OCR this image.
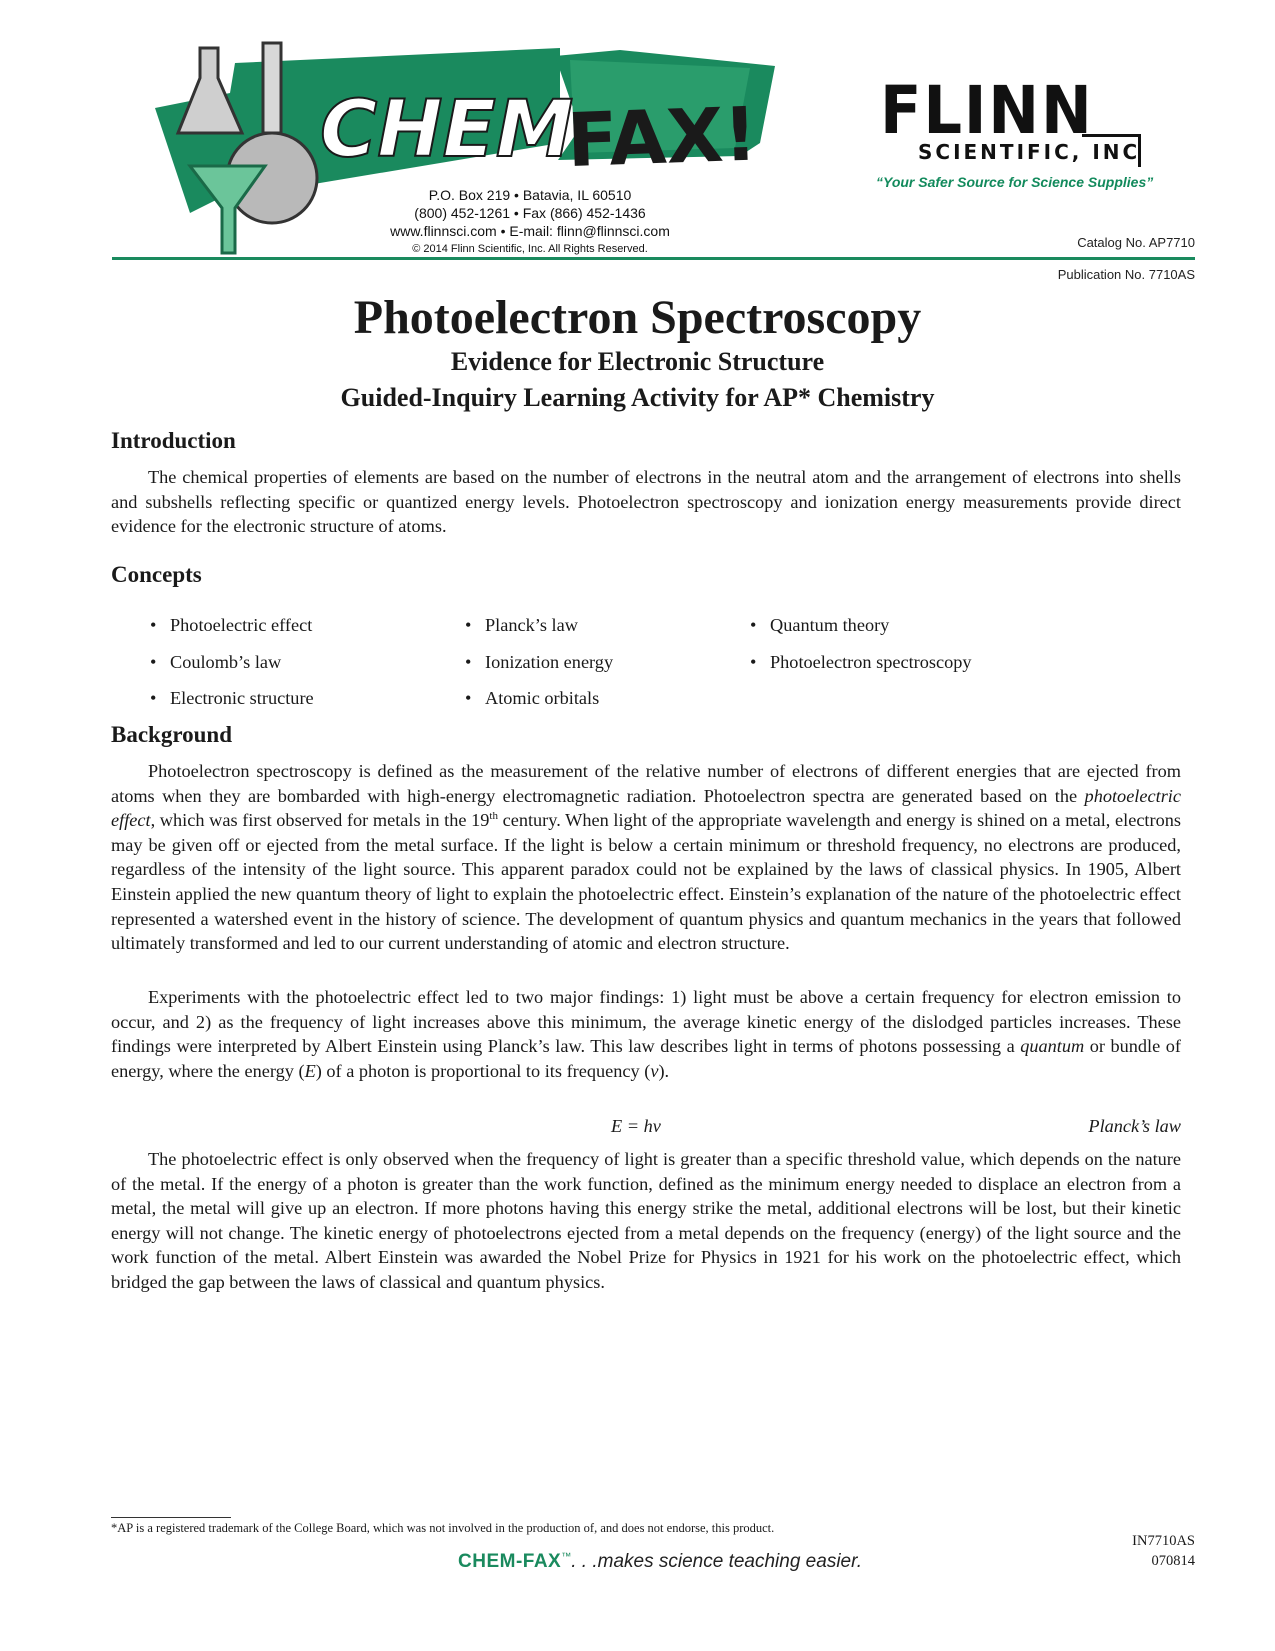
CHEM
FAX!
P.O. Box 219 • Batavia, IL 60510
(800) 452-1261 • Fax (866) 452-1436
www.flinnsci.com • E-mail: flinn@flinnsci.com
© 2014 Flinn Scientific, Inc. All Rights Reserved.
FLINN
SCIENTIFIC, INC
“Your Safer Source for Science Supplies”
Catalog No. AP7710
Publication No. 7710AS
Photoelectron Spectroscopy
Evidence for Electronic Structure
Guided-Inquiry Learning Activity for AP* Chemistry
Introduction

The chemical properties of elements are based on the number of electrons in the neutral atom and the arrangement of electrons into shells and subshells reflecting specific or quantized energy levels. Photoelectron spectroscopy and ionization energy measurements provide direct evidence for the electronic structure of atoms.

Concepts
• Photoelectric effect
• Coulomb’s law
• Electronic structure
• Planck’s law
• Ionization energy
• Atomic orbitals
• Quantum theory
• Photoelectron spectroscopy
Background

Photoelectron spectroscopy is defined as the measurement of the relative number of electrons of different energies that are ejected from atoms when they are bombarded with high-energy electromagnetic radiation. Photoelectron spectra are generated based on the photoelectric effect, which was first observed for metals in the 19th century. When light of the appropriate wavelength and energy is shined on a metal, electrons may be given off or ejected from the metal surface. If the light is below a certain minimum or threshold frequency, no electrons are produced, regardless of the intensity of the light source. This apparent paradox could not be explained by the laws of classical physics. In 1905, Albert Einstein applied the new quantum theory of light to explain the photoelectric effect. Einstein’s explanation of the nature of the photoelectric effect represented a watershed event in the history of science. The development of quantum physics and quantum mechanics in the years that followed ultimately transformed and led to our current understanding of atomic and electron structure.

Experiments with the photoelectric effect led to two major findings: 1) light must be above a certain frequency for electron emission to occur, and 2) as the frequency of light increases above this minimum, the average kinetic energy of the dislodged particles increases. These findings were interpreted by Albert Einstein using Planck’s law. This law describes light in terms of photons possessing a quantum or bundle of energy, where the energy (E) of a photon is proportional to its frequency (v).

E = hv	Planck’s law

The photoelectric effect is only observed when the frequency of light is greater than a specific threshold value, which depends on the nature of the metal. If the energy of a photon is greater than the work function, defined as the minimum energy needed to displace an electron from a metal, the metal will give up an electron. If more photons having this energy strike the metal, additional electrons will be lost, but their kinetic energy will not change. The kinetic energy of photoelectrons ejected from a metal depends on the frequency (energy) of the light source and the work function of the metal. Albert Einstein was awarded the Nobel Prize for Physics in 1921 for his work on the photoelectric effect, which bridged the gap between the laws of classical and quantum physics.

*AP is a registered trademark of the College Board, which was not involved in the production of, and does not endorse, this product.
CHEM-FAX™. . .makes science teaching easier.
IN7710AS
070814
